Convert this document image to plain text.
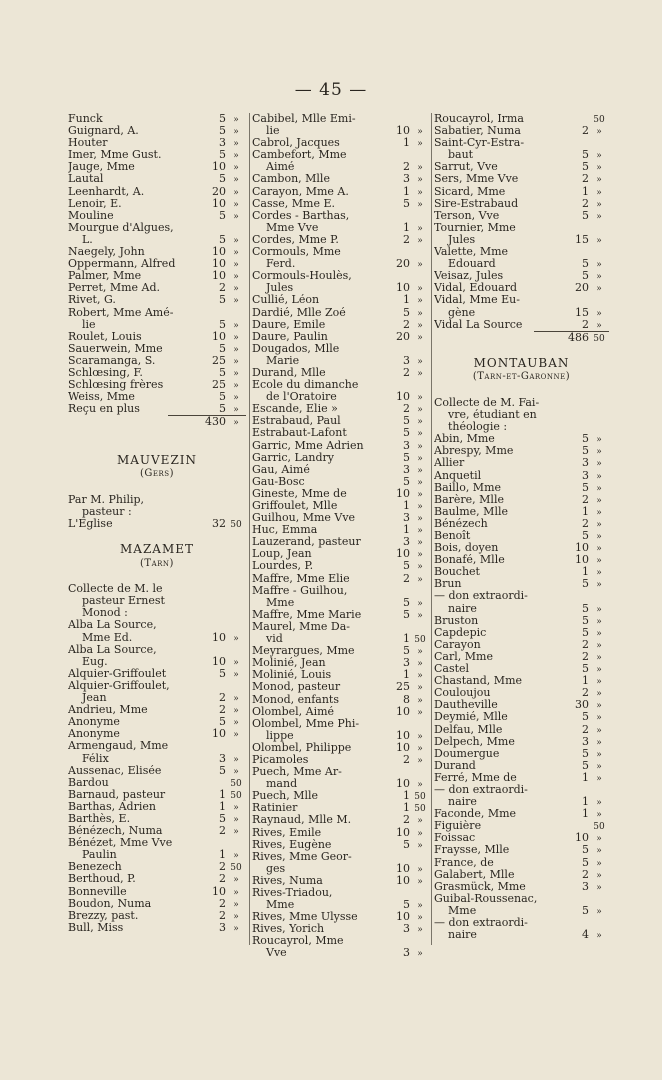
— 45 —
Funck	5 »
Guignard, A.	5 »
Houter	3 »
Imer, Mme Gust.	5 »
Jauge, Mme	10 »
Lautal	5 »
Leenhardt, A.	20 »
Lenoir, E.	10 »
Mouline	5 »
Mourgue d'Algues,
L.	5 »
Naegely, John	10 »
Oppermann, Alfred	10 »
Palmer, Mme	10 »
Perret, Mme Ad.	2 »
Rivet, G.	5 »
Robert, Mme Amé-
lie	5 »
Roulet, Louis	10 »
Sauerwein, Mme	5 »
Scaramanga, S.	25 »
Schlœsing, F.	5 »
Schlœsing frères	25 »
Weiss, Mme	5 »
Reçu en plus	5 »
430 »
MAUVEZIN
(Gers)
Par M. Philip,
pasteur :
L'Eglise	32 50
MAZAMET
(Tarn)
Collecte de M. le
pasteur Ernest
Monod :
Alba La Source,
Mme Ed.	10 »
Alba La Source,
Eug.	10 »
Alquier-Griffoulet	5 »
Alquier-Griffoulet,
Jean	2 »
Andrieu, Mme	2 »
Anonyme	5 »
Anonyme	10 »
Armengaud, Mme
Félix	3 »
Aussenac, Elisée	5 »
Bardou	50
Barnaud, pasteur	1 50
Barthas, Adrien	1 »
Barthès, E.	5 »
Bénézech, Numa	2 »
Bénézet, Mme Vve
Paulin	1 »
Benezech	2 50
Berthoud, P.	2 »
Bonneville	10 »
Boudon, Numa	2 »
Brezzy, past.	2 »
Bull, Miss	3 »
Cabibel, Mlle Emi-
lie	10 »
Cabrol, Jacques	1 »
Cambefort, Mme
Aimé	2 »
Cambon, Mlle	3 »
Carayon, Mme A.	1 »
Casse, Mme E.	5 »
Cordes - Barthas,
Mme Vve	1 »
Cordes, Mme P.	2 »
Cormouls, Mme
Ferd.	20 »
Cormouls-Houlès,
Jules	10 »
Cullié, Léon	1 »
Dardié, Mlle Zoé	5 »
Daure, Emile	2 »
Daure, Paulin	20 »
Dougados, Mlle
Marie	3 »
Durand, Mlle	2 »
Ecole du dimanche
de l'Oratoire	10 »
Escande, Elie »	2 »
Estrabaud, Paul	5 »
Estrabaut-Lafont	5 »
Garric, Mme Adrien	3 »
Garric, Landry	5 »
Gau, Aimé	3 »
Gau-Bosc	5 »
Gineste, Mme de	10 »
Griffoulet, Mlle	1 »
Guilhou, Mme Vve	3 »
Huc, Emma	1 »
Lauzerand, pasteur	3 »
Loup, Jean	10 »
Lourdes, P.	5 »
Maffre, Mme Elie	2 »
Maffre - Guilhou,
Mme	5 »
Maffre, Mme Marie	5 »
Maurel, Mme Da-
vid	1 50
Meyrargues, Mme	5 »
Molinié, Jean	3 »
Molinié, Louis	1 »
Monod, pasteur	25 »
Monod, enfants	8 »
Olombel, Aimé	10 »
Olombel, Mme Phi-
lippe	10 »
Olombel, Philippe	10 »
Picamoles	2 »
Puech, Mme Ar-
mand	10 »
Puech, Mlle	1 50
Ratinier	1 50
Raynaud, Mlle M.	2 »
Rives, Emile	10 »
Rives, Eugène	5 »
Rives, Mme Geor-
ges	10 »
Rives, Numa	10 »
Rives-Triadou,
Mme	5 »
Rives, Mme Ulysse	10 »
Rives, Yorich	3 »
Roucayrol, Mme
Vve	3 »
Roucayrol, Irma	50
Sabatier, Numa	2 »
Saint-Cyr-Estra-
baut	5 »
Sarrut, Vve	5 »
Sers, Mme Vve	2 »
Sicard, Mme	1 »
Sire-Estrabaud	2 »
Terson, Vve	5 »
Tournier, Mme
Jules	15 »
Valette, Mme
Edouard	5 »
Veisaz, Jules	5 »
Vidal, Edouard	20 »
Vidal, Mme Eu-
gène	15 »
Vidal La Source	2 »
486 50
MONTAUBAN
(Tarn-et-Garonne)
Collecte de M. Fai-
vre, étudiant en
théologie :
Abin, Mme	5 »
Abrespy, Mme	5 »
Allier	3 »
Anquetil	3 »
Baillo, Mme	5 »
Barère, Mlle	2 »
Baulme, Mlle	1 »
Bénézech	2 »
Benoît	5 »
Bois, doyen	10 »
Bonafé, Mlle	10 »
Bouchet	1 »
Brun	5 »
— don extraordi-
naire	5 »
Bruston	5 »
Capdepic	5 »
Carayon	2 »
Carl, Mme	2 »
Castel	5 »
Chastand, Mme	1 »
Couloujou	2 »
Dautheville	30 »
Deymié, Mlle	5 »
Delfau, Mlle	2 »
Delpech, Mme	3 »
Doumergue	5 »
Durand	5 »
Ferré, Mme de	1 »
— don extraordi-
naire	1 »
Faconde, Mme	1 »
Figuière	50
Foissac	10 »
Fraysse, Mlle	5 »
France, de	5 »
Galabert, Mlle	2 »
Grasmück, Mme	3 »
Guibal-Roussenac,
Mme	5 »
— don extraordi-
naire	4 »
